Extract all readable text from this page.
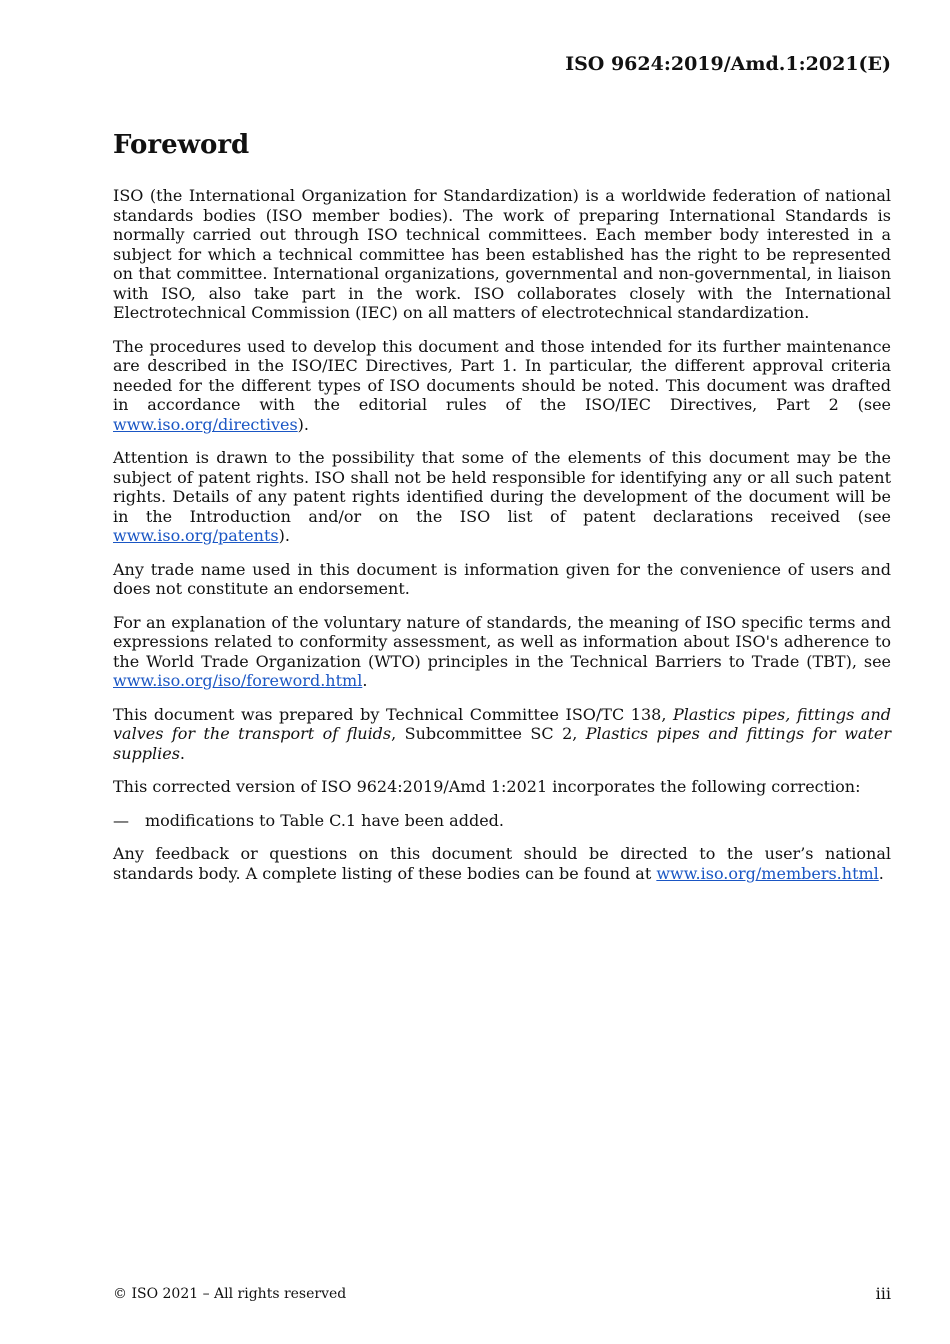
ISO 9624:2019/Amd.1:2021(E)
Foreword

ISO (the International Organization for Standardization) is a worldwide federation of national standards bodies (ISO member bodies). The work of preparing International Standards is normally carried out through ISO technical committees. Each member body interested in a subject for which a technical committee has been established has the right to be represented on that committee. International organizations, governmental and non-governmental, in liaison with ISO, also take part in the work. ISO collaborates closely with the International Electrotechnical Commission (IEC) on all matters of electrotechnical standardization.

The procedures used to develop this document and those intended for its further maintenance are described in the ISO/IEC Directives, Part 1. In particular, the different approval criteria needed for the different types of ISO documents should be noted. This document was drafted in accordance with the editorial rules of the ISO/IEC Directives, Part 2 (see www.iso.org/directives).

Attention is drawn to the possibility that some of the elements of this document may be the subject of patent rights. ISO shall not be held responsible for identifying any or all such patent rights. Details of any patent rights identified during the development of the document will be in the Introduction and/or on the ISO list of patent declarations received (see www.iso.org/patents).

Any trade name used in this document is information given for the convenience of users and does not constitute an endorsement.

For an explanation of the voluntary nature of standards, the meaning of ISO specific terms and expressions related to conformity assessment, as well as information about ISO's adherence to the World Trade Organization (WTO) principles in the Technical Barriers to Trade (TBT), see www.iso.org/iso/foreword.html.

This document was prepared by Technical Committee ISO/TC 138, Plastics pipes, fittings and valves for the transport of fluids, Subcommittee SC 2, Plastics pipes and fittings for water supplies.

This corrected version of ISO 9624:2019/Amd 1:2021 incorporates the following correction:

—	modifications to Table C.1 have been added.

Any feedback or questions on this document should be directed to the user’s national standards body. A complete listing of these bodies can be found at www.iso.org/members.html.

© ISO 2021 – All rights reserved	iii
